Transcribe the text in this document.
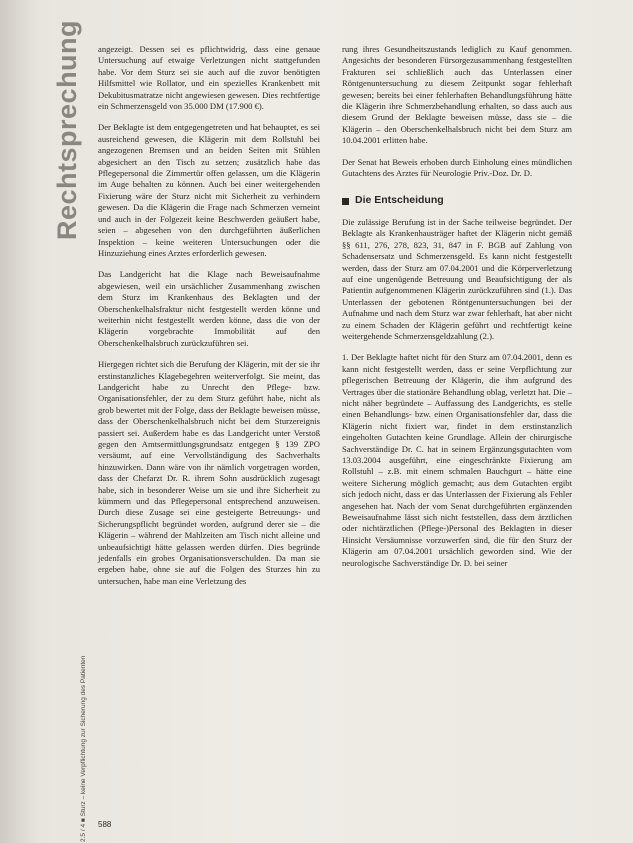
Rechtsprechung
2.5 / 4 ■ Sturz – keine Verpflichtung zur Sicherung des Patienten

angezeigt. Dessen sei es pflichtwidrig, dass eine genaue Untersuchung auf etwaige Verletzungen nicht stattgefunden habe. Vor dem Sturz sei sie auch auf die zuvor benötigten Hilfsmittel wie Rollator, und ein spezielles Krankenbett mit Dekubitusmatratze nicht angewiesen gewesen. Dies rechtfertige ein Schmerzensgeld von 35.000 DM (17.900 €).

Der Beklagte ist dem entgegengetreten und hat behauptet, es sei ausreichend gewesen, die Klägerin mit dem Rollstuhl bei angezogenen Bremsen und an beiden Seiten mit Stühlen abgesichert an den Tisch zu setzen; zusätzlich habe das Pflegepersonal die Zimmertür offen gelassen, um die Klägerin im Auge behalten zu können. Auch bei einer weitergehenden Fixierung wäre der Sturz nicht mit Sicherheit zu verhindern gewesen. Da die Klägerin die Frage nach Schmerzen verneint und auch in der Folgezeit keine Beschwerden geäußert habe, seien – abgesehen von den durchgeführten äußerlichen Inspektion – keine weiteren Untersuchungen oder die Hinzuziehung eines Arztes erforderlich gewesen.

Das Landgericht hat die Klage nach Beweisaufnahme abgewiesen, weil ein ursächlicher Zusammenhang zwischen dem Sturz im Krankenhaus des Beklagten und der Oberschenkelhalsfraktur nicht festgestellt werden könne und weiterhin nicht festgestellt werden könne, dass die von der Klägerin vorgebrachte Immobilität auf den Oberschenkelhalsbruch zurückzuführen sei.

Hiergegen richtet sich die Berufung der Klägerin, mit der sie ihr erstinstanzliches Klagebegehren weiterverfolgt. Sie meint, das Landgericht habe zu Unrecht den Pflege- bzw. Organisationsfehler, der zu dem Sturz geführt habe, nicht als grob bewertet mit der Folge, dass der Beklagte beweisen müsse, dass der Oberschenkelhalsbruch nicht bei dem Sturzereignis passiert sei. Außerdem habe es das Landgericht unter Verstoß gegen den Amtsermittlungsgrundsatz entgegen § 139 ZPO versäumt, auf eine Vervollständigung des Sachverhalts hinzuwirken. Dann wäre von ihr nämlich vorgetragen worden, dass der Chefarzt Dr. R. ihrem Sohn ausdrücklich zugesagt habe, sich in besonderer Weise um sie und ihre Sicherheit zu kümmern und das Pflegepersonal entsprechend anzuweisen. Durch diese Zusage sei eine gesteigerte Betreuungs- und Sicherungspflicht begründet worden, aufgrund derer sie – die Klägerin – während der Mahlzeiten am Tisch nicht alleine und unbeaufsichtigt hätte gelassen werden dürfen. Dies begründe jedenfalls ein grobes Organisationsverschulden. Da man sie ergeben habe, ohne sie auf die Folgen des Sturzes hin zu untersuchen, habe man eine Verletzung des

rung ihres Gesundheitszustands lediglich zu Kauf genommen. Angesichts der besonderen Fürsorgezusammenhang festgestellten Frakturen sei schließlich auch das Unterlassen einer Röntgenuntersuchung zu diesem Zeitpunkt sogar fehlerhaft gewesen; bereits bei einer fehlerhaften Behandlungsführung hätte die Klägerin ihre Schmerzbehandlung erhalten, so dass auch aus diesem Grund der Beklagte beweisen müsse, dass sie – die Klägerin – den Oberschenkelhalsbruch nicht bei dem Sturz am 10.04.2001 erlitten habe.

Der Senat hat Beweis erhoben durch Einholung eines mündlichen Gutachtens des Arztes für Neurologie Priv.-Doz. Dr. D.

Die Entscheidung

Die zulässige Berufung ist in der Sache teilweise begründet. Der Beklagte als Krankenhausträger haftet der Klägerin nicht gemäß §§ 611, 276, 278, 823, 31, 847 in F. BGB auf Zahlung von Schadensersatz und Schmerzensgeld. Es kann nicht festgestellt werden, dass der Sturz am 07.04.2001 und die Körperverletzung auf eine ungenügende Betreuung und Beaufsichtigung der als Patientin aufgenommenen Klägerin zurückzuführen sind (1.). Das Unterlassen der gebotenen Röntgenuntersuchungen bei der Aufnahme und nach dem Sturz war zwar fehlerhaft, hat aber nicht zu einem Schaden der Klägerin geführt und rechtfertigt keine weitergehende Schmerzensgeldzahlung (2.).

1. Der Beklagte haftet nicht für den Sturz am 07.04.2001, denn es kann nicht festgestellt werden, dass er seine Verpflichtung zur pflegerischen Betreuung der Klägerin, die ihm aufgrund des Vertrages über die stationäre Behandlung oblag, verletzt hat. Die – nicht näher begründete – Auffassung des Landgerichts, es stelle einen Behandlungs- bzw. einen Organisationsfehler dar, dass die Klägerin nicht fixiert war, findet in dem erstinstanzlich eingeholten Gutachten keine Grundlage. Allein der chirurgische Sachverständige Dr. C. hat in seinem Ergänzungsgutachten vom 13.03.2004 ausgeführt, eine eingeschränkte Fixierung am Rollstuhl – z.B. mit einem schmalen Bauchgurt – hätte eine weitere Sicherung möglich gemacht; aus dem Gutachten ergibt sich jedoch nicht, dass er das Unterlassen der Fixierung als Fehler angesehen hat. Nach der vom Senat durchgeführten ergänzenden Beweisaufnahme lässt sich nicht feststellen, dass dem ärztlichen oder nichtärztlichen (Pflege-)Personal des Beklagten in dieser Hinsicht Versäumnisse vorzuwerfen sind, die für den Sturz der Klägerin am 07.04.2001 ursächlich geworden sind. Wie der neurologische Sachverständige Dr. D. bei seiner

588
